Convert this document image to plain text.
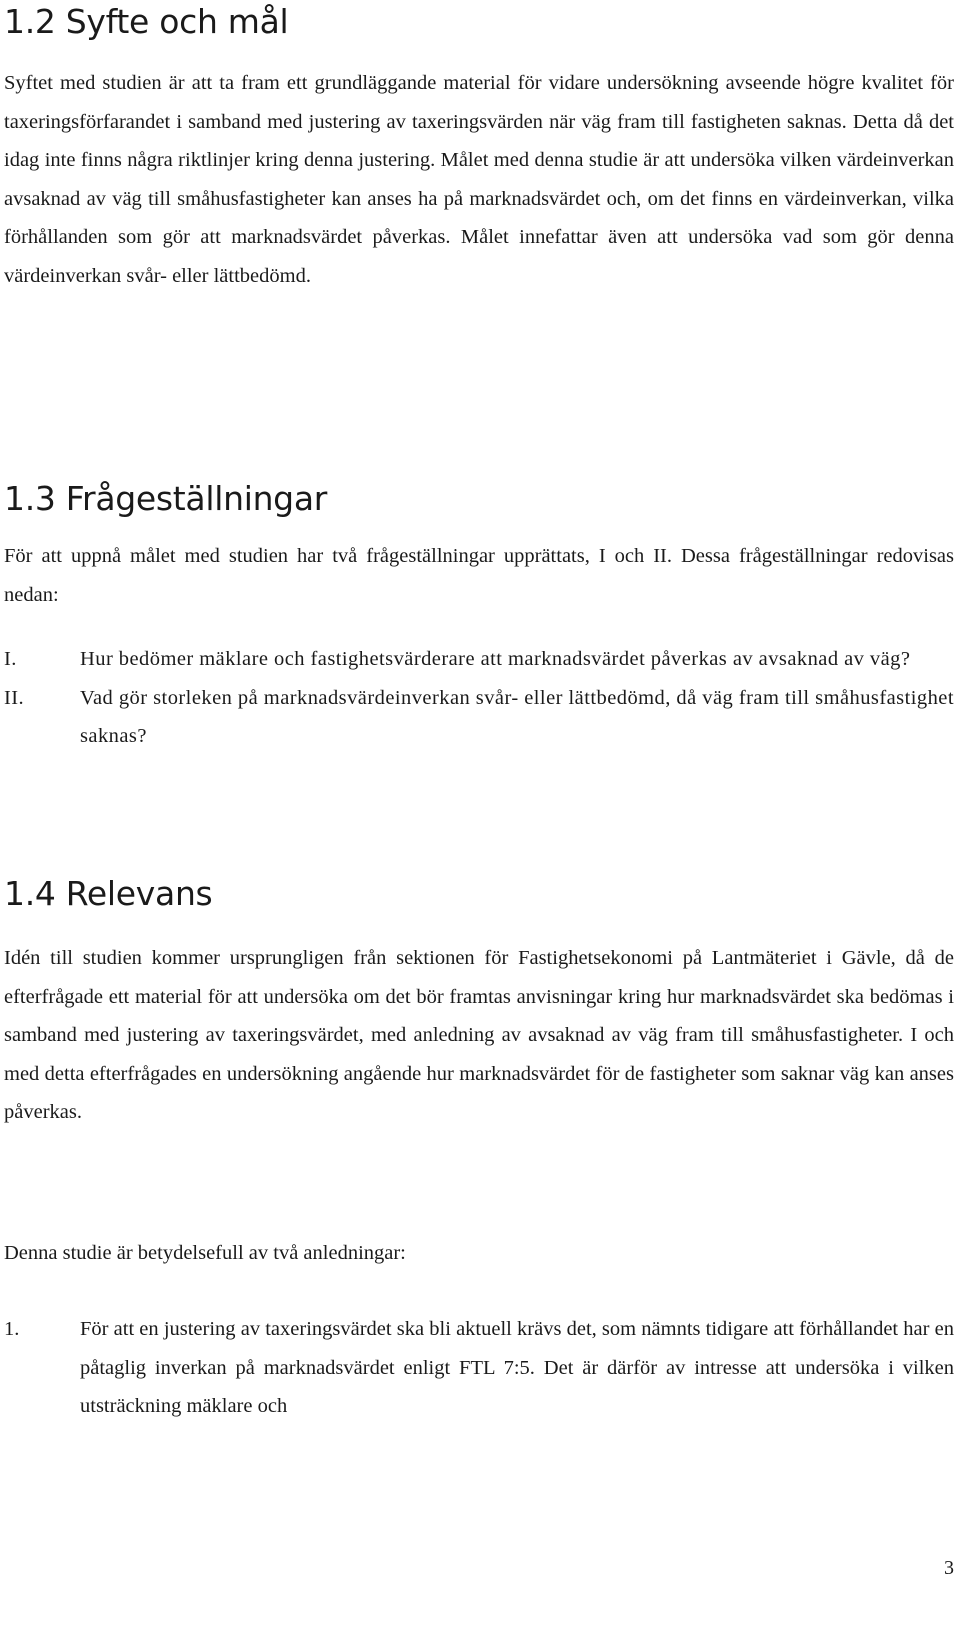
1.2 Syfte och mål

Syftet med studien är att ta fram ett grundläggande material för vidare undersökning avseende högre kvalitet för taxeringsförfarandet i samband med justering av taxeringsvärden när väg fram till fastigheten saknas. Detta då det idag inte finns några riktlinjer kring denna justering. Målet med denna studie är att undersöka vilken värdeinverkan avsaknad av väg till småhusfastigheter kan anses ha på marknadsvärdet och, om det finns en värdeinverkan, vilka förhållanden som gör att marknadsvärdet påverkas. Målet innefattar även att undersöka vad som gör denna värdeinverkan svår- eller lättbedömd.

1.3 Frågeställningar

För att uppnå målet med studien har två frågeställningar upprättats, I och II. Dessa frågeställningar redovisas nedan:

I.	Hur bedömer mäklare och fastighetsvärderare att marknadsvärdet påverkas av avsaknad av väg?
II.	Vad gör storleken på marknadsvärdeinverkan svår- eller lättbedömd, då väg fram till småhusfastighet saknas?
1.4 Relevans

Idén till studien kommer ursprungligen från sektionen för Fastighetsekonomi på Lantmäteriet i Gävle, då de efterfrågade ett material för att undersöka om det bör framtas anvisningar kring hur marknadsvärdet ska bedömas i samband med justering av taxeringsvärdet, med anledning av avsaknad av väg fram till småhusfastigheter. I och med detta efterfrågades en undersökning angående hur marknadsvärdet för de fastigheter som saknar väg kan anses påverkas.

Denna studie är betydelsefull av två anledningar:

1.	För att en justering av taxeringsvärdet ska bli aktuell krävs det, som nämnts tidigare att förhållandet har en påtaglig inverkan på marknadsvärdet enligt FTL 7:5. Det är därför av intresse att undersöka i vilken utsträckning mäklare och
3
